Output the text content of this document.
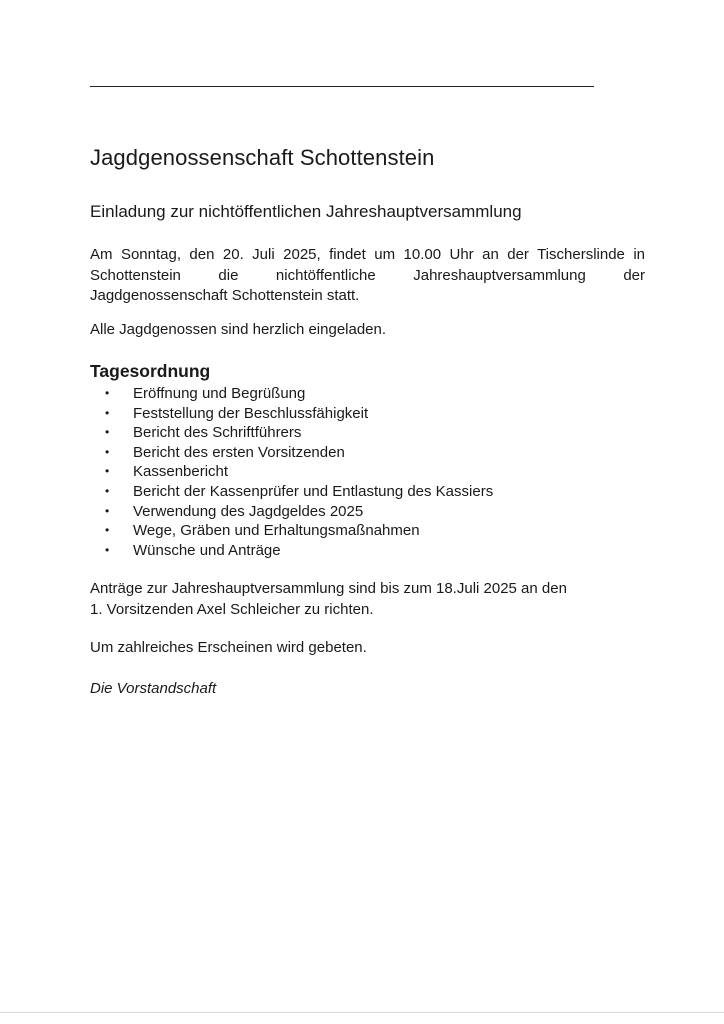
Jagdgenossenschaft Schottenstein
Einladung zur nichtöffentlichen Jahreshauptversammlung

Am Sonntag, den 20. Juli 2025, findet um 10.00 Uhr an der Tischerslinde in Schottenstein die nichtöffentliche Jahreshauptversammlung der Jagdgenossenschaft Schottenstein statt.

Alle Jagdgenossen sind herzlich eingeladen.

Tagesordnung
• Eröffnung und Begrüßung
• Feststellung der Beschlussfähigkeit
• Bericht des Schriftführers
• Bericht des ersten Vorsitzenden
• Kassenbericht
• Bericht der Kassenprüfer und Entlastung des Kassiers
• Verwendung des Jagdgeldes 2025
• Wege, Gräben und Erhaltungsmaßnahmen
• Wünsche und Anträge

Anträge zur Jahreshauptversammlung sind bis zum 18.Juli 2025 an den
1. Vorsitzenden Axel Schleicher zu richten.

Um zahlreiches Erscheinen wird gebeten.

Die Vorstandschaft
